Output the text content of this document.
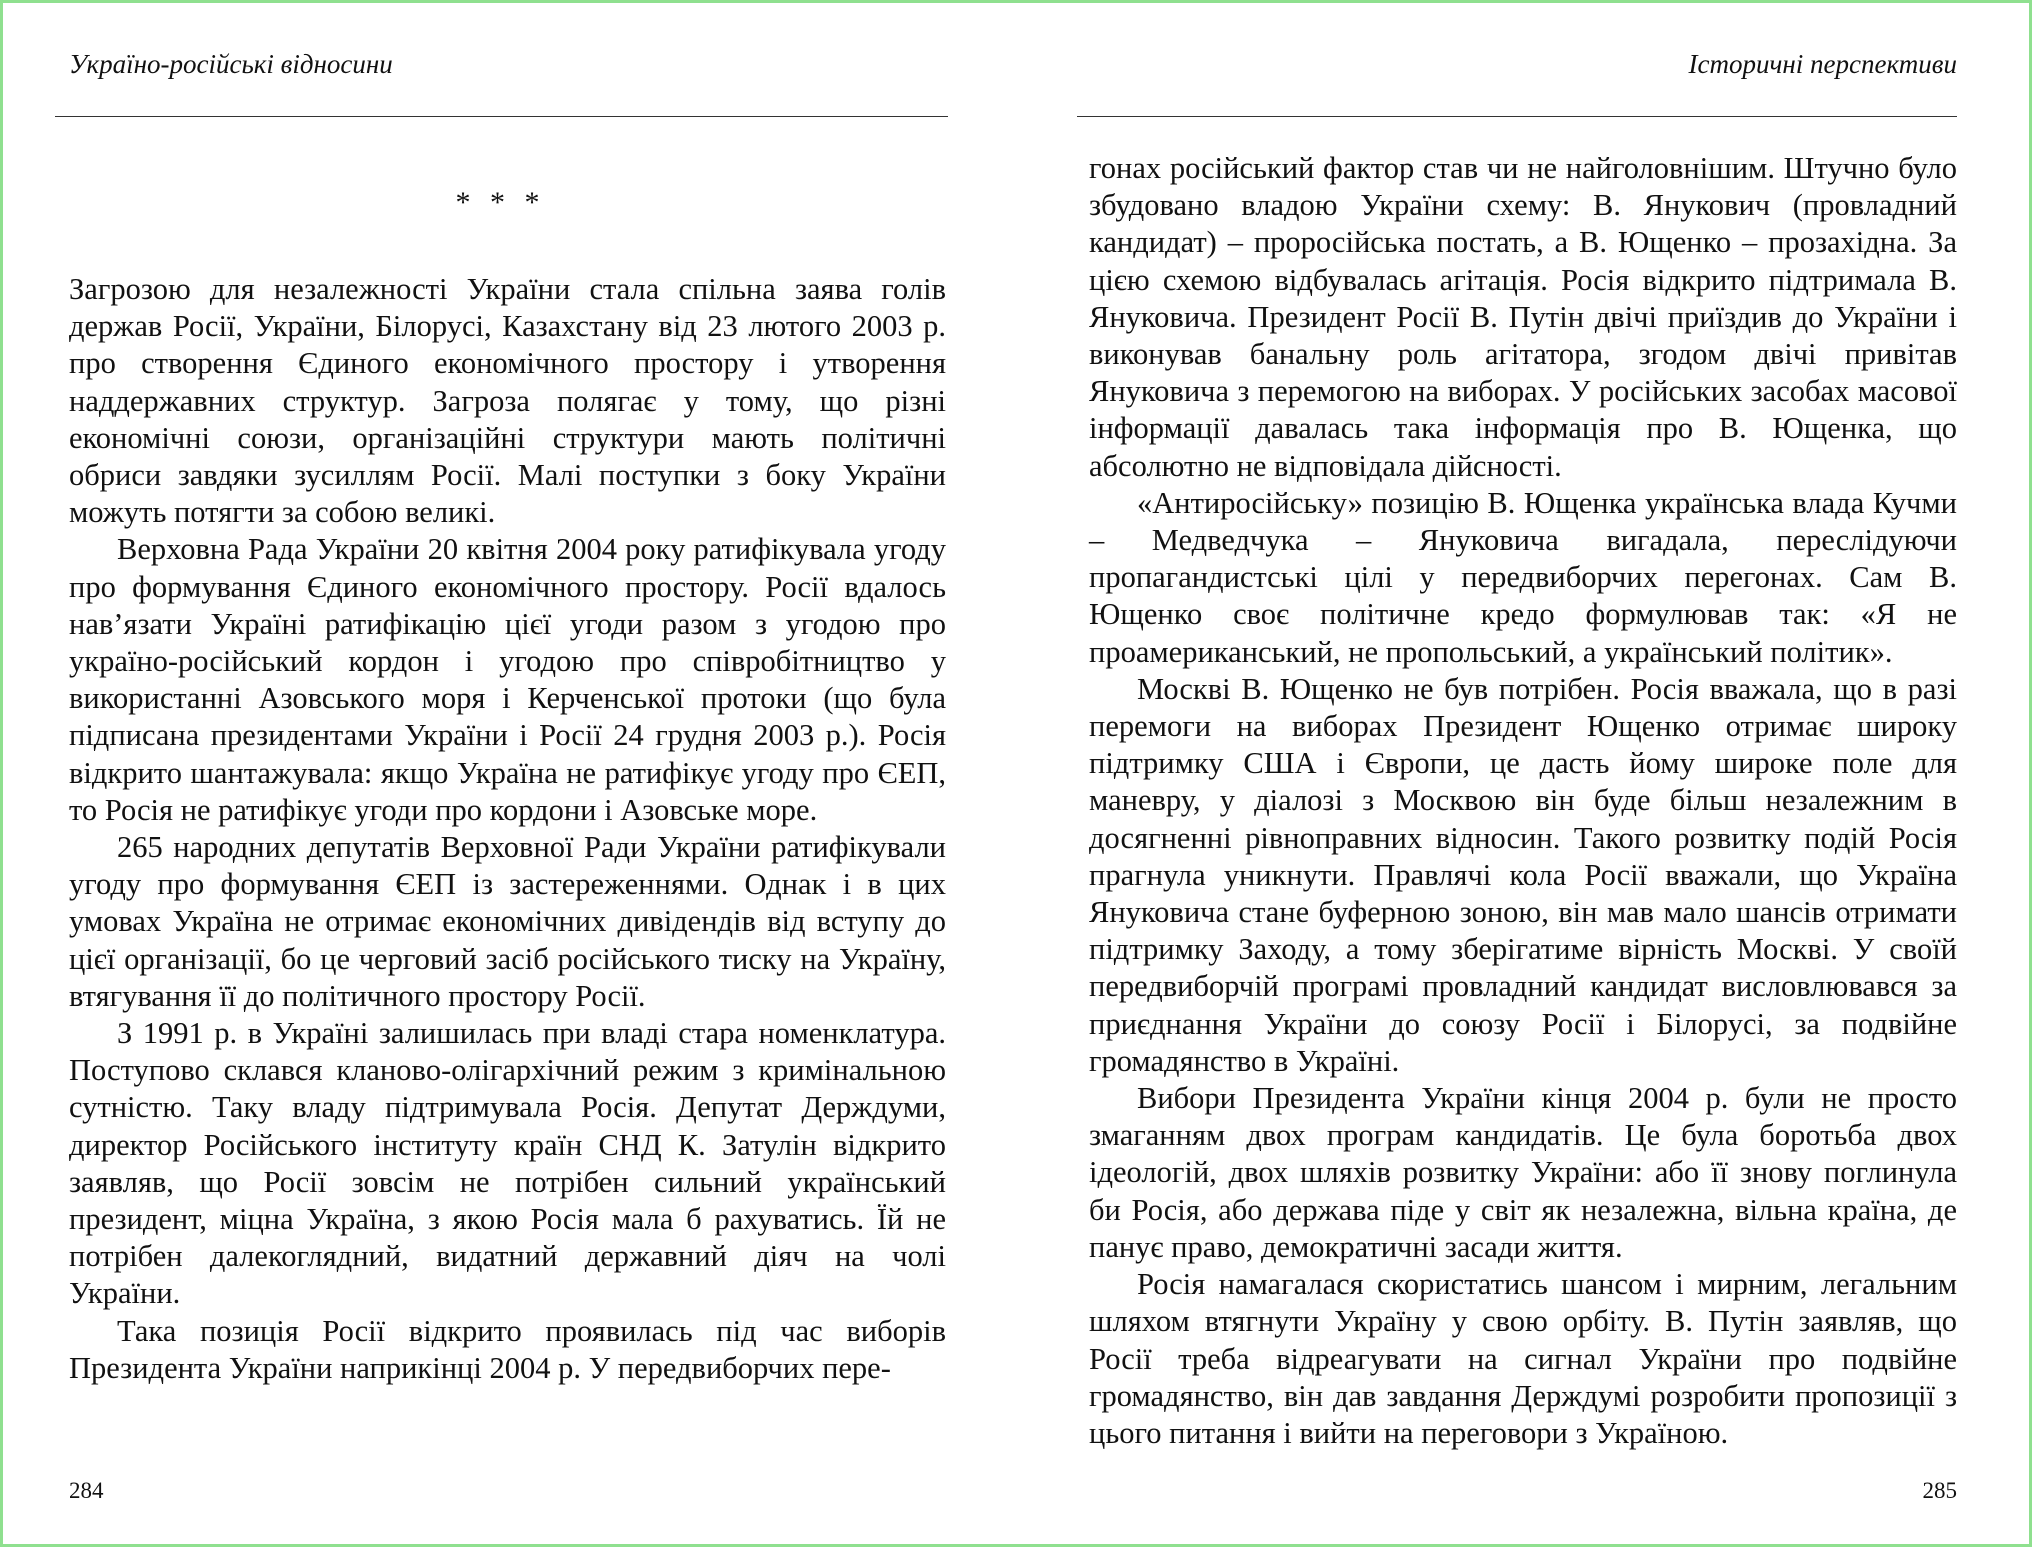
Україно-російські відносини
* * *

Загрозою для незалежності України стала спільна заява голів держав Росії, України, Білорусі, Казахстану від 23 лютого 2003 р. про створення Єдиного економічного простору і утворення наддержавних структур. Загроза полягає у тому, що різні економічні союзи, організаційні структури мають політичні обриси завдяки зусиллям Росії. Малі поступки з боку України можуть потягти за собою великі.

Верховна Рада України 20 квітня 2004 року ратифікувала угоду про формування Єдиного економічного простору. Росії вдалось нав’язати Україні ратифікацію цієї угоди разом з угодою про україно-російський кордон і угодою про співробітництво у використанні Азовського моря і Керченської протоки (що була підписана президентами України і Росії 24 грудня 2003 р.). Росія відкрито шантажувала: якщо Україна не ратифікує угоду про ЄЕП, то Росія не ратифікує угоди про кордони і Азовське море.

265 народних депутатів Верховної Ради України ратифікували угоду про формування ЄЕП із застереженнями. Однак і в цих умовах Україна не отримає економічних дивідендів від вступу до цієї організації, бо це черговий засіб російського тиску на Україну, втягування її до політичного простору Росії.

З 1991 р. в Україні залишилась при владі стара номенклатура. Поступово склався клановo-олігархічний режим з кримінальною сутністю. Таку владу підтримувала Росія. Депутат Держдуми, директор Російського інституту країн СНД К. Затулін відкрито заявляв, що Росії зовсім не потрібен сильний український президент, міцна Україна, з якою Росія мала б рахуватись. Їй не потрібен далекоглядний, видатний державний діяч на чолі України.

Така позиція Росії відкрито проявилась під час виборів Президента України наприкінці 2004 р. У передвиборчих пере-

284
Історичні перспективи

гонах російський фактор став чи не найголовнішим. Штучно було збудовано владою України схему: В. Янукович (провладний кандидат) – проросійська постать, а В. Ющенко – прозахідна. За цією схемою відбувалась агітація. Росія відкрито підтримала В. Януковича. Президент Росії В. Путін двічі приїздив до України і виконував банальну роль агітатора, згодом двічі привітав Януковича з перемогою на виборах. У російських засобах масової інформації давалась така інформація про В. Ющенка, що абсолютно не відповідала дійсності.

«Антиросійську» позицію В. Ющенка українська влада Кучми – Медведчука – Януковича вигадала, переслідуючи пропагандистські цілі у передвиборчих перегонах. Сам В. Ющенко своє політичне кредо формулював так: «Я не проамериканський, не пропольський, а український політик».

Москві В. Ющенко не був потрібен. Росія вважала, що в разі перемоги на виборах Президент Ющенко отримає широку підтримку США і Європи, це дасть йому широке поле для маневру, у діалозі з Москвою він буде більш незалежним в досягненні рівноправних відносин. Такого розвитку подій Росія прагнула уникнути. Правлячі кола Росії вважали, що Україна Януковича стане буферною зоною, він мав мало шансів отримати підтримку Заходу, а тому зберігатиме вірність Москві. У своїй передвиборчій програмі провладний кандидат висловлювався за приєднання України до союзу Росії і Білорусі, за подвійне громадянство в Україні.

Вибори Президента України кінця 2004 р. були не просто змаганням двох програм кандидатів. Це була боротьба двох ідеологій, двох шляхів розвитку України: або її знову поглинула би Росія, або держава піде у світ як незалежна, вільна країна, де панує право, демократичні засади життя.

Росія намагалася скористатись шансом і мирним, легальним шляхом втягнути Україну у свою орбіту. В. Путін заявляв, що Росії треба відреагувати на сигнал України про подвійне громадянство, він дав завдання Держдумі розробити пропозиції з цього питання і вийти на переговори з Україною.

285
